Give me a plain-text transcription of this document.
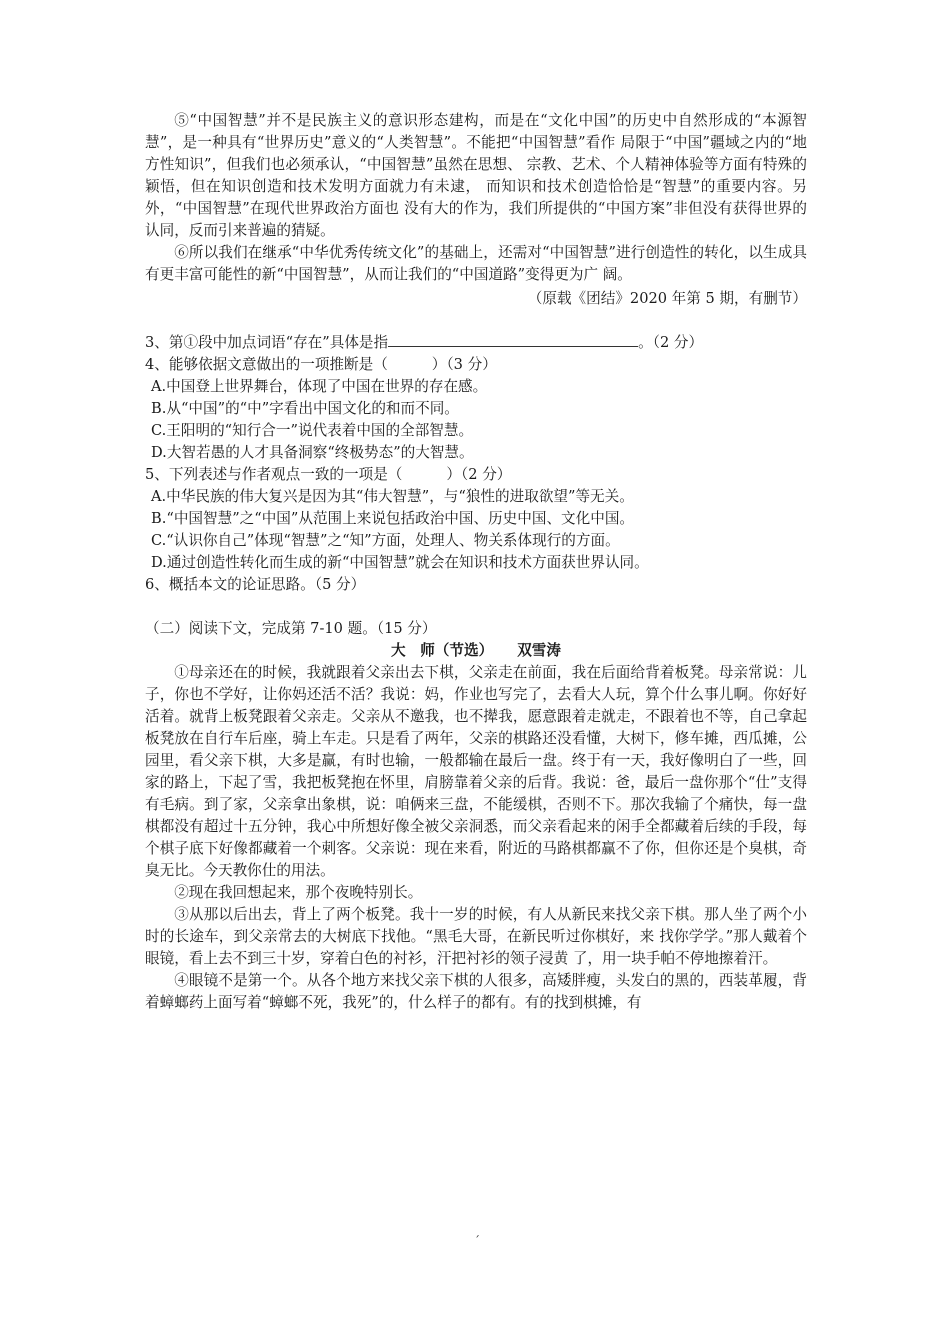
⑤“中国智慧”并不是民族主义的意识形态建构，而是在“文化中国”的历史中自然形成的“本源智慧”，是一种具有“世界历史”意义的“人类智慧”。不能把“中国智慧”看作 局限于“中国”疆域之内的“地方性知识”，但我们也必须承认，“中国智慧”虽然在思想、 宗教、艺术、个人精神体验等方面有特殊的颖悟，但在知识创造和技术发明方面就力有未逮， 而知识和技术创造恰恰是“智慧”的重要内容。另外，“中国智慧”在现代世界政治方面也 没有大的作为，我们所提供的“中国方案”非但没有获得世界的认同，反而引来普遍的猜疑。

⑥所以我们在继承“中华优秀传统文化”的基础上，还需对“中国智慧”进行创造性的转化，以生成具有更丰富可能性的新“中国智慧”，从而让我们的“中国道路”变得更为广 阔。

（原载《团结》2020 年第 5 期，有删节）

3、第①段中加点词语“存在”具体是指	。（2 分）

4、能够依据文意做出的一项推断是（	）（3 分）

A.中国登上世界舞台，体现了中国在世界的存在感。

B.从“中国”的“中”字看出中国文化的和而不同。

C.王阳明的“知行合一”说代表着中国的全部智慧。

D.大智若愚的人才具备洞察“终极势态”的大智慧。

5、下列表述与作者观点一致的一项是（	）（2 分）

A.中华民族的伟大复兴是因为其“伟大智慧”，与“狼性的进取欲望”等无关。

B.“中国智慧”之“中国”从范围上来说包括政治中国、历史中国、文化中国。

C.“认识你自己”体现“智慧”之“知”方面，处理人、物关系体现行的方面。

D.通过创造性转化而生成的新“中国智慧”就会在知识和技术方面获世界认同。

6、概括本文的论证思路。（5 分）

（二）阅读下文，完成第 7-10 题。（15 分）

大　师（节选） 双雪涛

①母亲还在的时候，我就跟着父亲出去下棋，父亲走在前面，我在后面给背着板凳。母亲常说：儿子，你也不学好，让你妈还活不活？我说：妈，作业也写完了，去看大人玩，算个什么事儿啊。你好好活着。就背上板凳跟着父亲走。父亲从不邀我，也不撵我，愿意跟着走就走，不跟着也不等，自己拿起板凳放在自行车后座，骑上车走。只是看了两年，父亲的棋路还没看懂，大树下，修车摊，西瓜摊，公园里，看父亲下棋，大多是赢，有时也输，一般都输在最后一盘。终于有一天，我好像明白了一些，回家的路上，下起了雪，我把板凳抱在怀里，肩膀靠着父亲的后背。我说：爸，最后一盘你那个“仕”支得有毛病。到了家，父亲拿出象棋，说：咱俩来三盘，不能缓棋，否则不下。那次我输了个痛快，每一盘棋都没有超过十五分钟，我心中所想好像全被父亲洞悉，而父亲看起来的闲手全都藏着后续的手段，每个棋子底下好像都藏着一个刺客。父亲说：现在来看，附近的马路棋都赢不了你，但你还是个臭棋，奇臭无比。今天教你仕的用法。

②现在我回想起来，那个夜晚特别长。

③从那以后出去，背上了两个板凳。我十一岁的时候，有人从新民来找父亲下棋。那人坐了两个小时的长途车，到父亲常去的大树底下找他。“黑毛大哥，在新民听过你棋好，来 找你学学。”那人戴着个眼镜，看上去不到三十岁，穿着白色的衬衫，汗把衬衫的领子浸黄 了，用一块手帕不停地擦着汗。

④眼镜不是第一个。从各个地方来找父亲下棋的人很多，高矮胖瘦，头发白的黑的，西装革履，背着蟑螂药上面写着“蟑螂不死，我死”的，什么样子的都有。有的找到棋摊，有

ˊ
